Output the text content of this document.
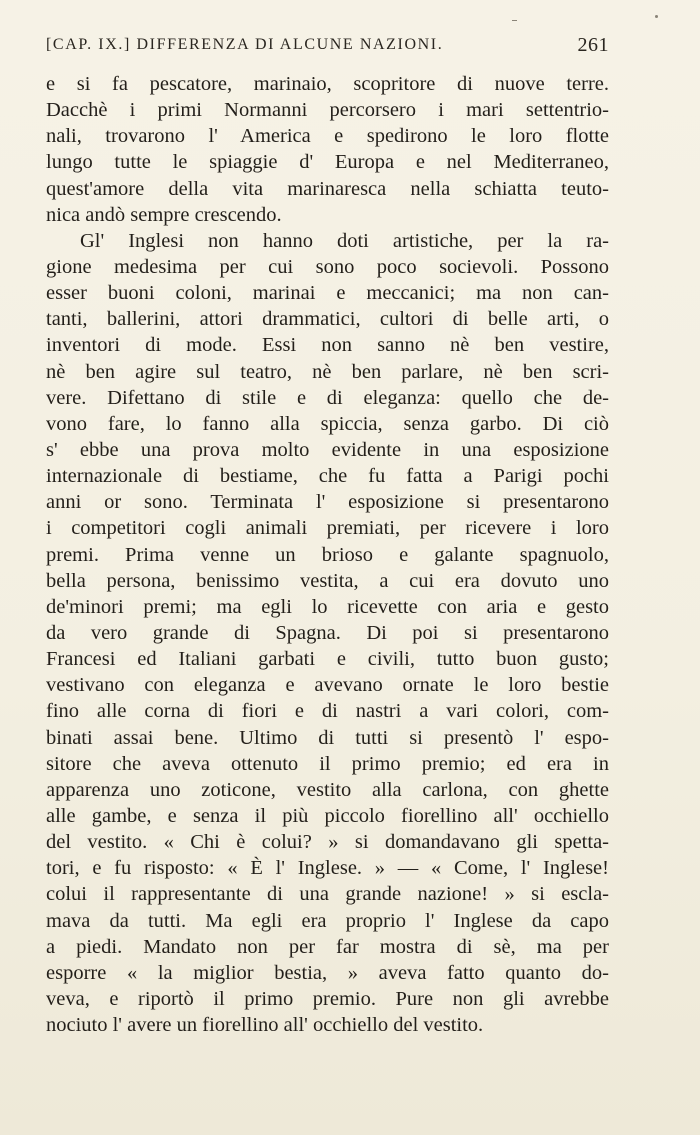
[CAP. IX.] DIFFERENZA DI ALCUNE NAZIONI.	261
e si fa pescatore, marinaio, scopritore di nuove terre.
Dacchè i primi Normanni percorsero i mari settentrio-
nali, trovarono l' America e spedirono le loro flotte
lungo tutte le spiaggie d' Europa e nel Mediterraneo,
quest'amore della vita marinaresca nella schiatta teuto-
nica andò sempre crescendo.
Gl' Inglesi non hanno doti artistiche, per la ra-
gione medesima per cui sono poco socievoli. Possono
esser buoni coloni, marinai e meccanici; ma non can-
tanti, ballerini, attori drammatici, cultori di belle arti, o
inventori di mode. Essi non sanno nè ben vestire,
nè ben agire sul teatro, nè ben parlare, nè ben scri-
vere. Difettano di stile e di eleganza: quello che de-
vono fare, lo fanno alla spiccia, senza garbo. Di ciò
s' ebbe una prova molto evidente in una esposizione
internazionale di bestiame, che fu fatta a Parigi pochi
anni or sono. Terminata l' esposizione si presentarono
i competitori cogli animali premiati, per ricevere i loro
premi. Prima venne un brioso e galante spagnuolo,
bella persona, benissimo vestita, a cui era dovuto uno
de'minori premi; ma egli lo ricevette con aria e gesto
da vero grande di Spagna. Di poi si presentarono
Francesi ed Italiani garbati e civili, tutto buon gusto;
vestivano con eleganza e avevano ornate le loro bestie
fino alle corna di fiori e di nastri a vari colori, com-
binati assai bene. Ultimo di tutti si presentò l' espo-
sitore che aveva ottenuto il primo premio; ed era in
apparenza uno zoticone, vestito alla carlona, con ghette
alle gambe, e senza il più piccolo fiorellino all' occhiello
del vestito. « Chi è colui? » si domandavano gli spetta-
tori, e fu risposto: « È l' Inglese. » — « Come, l' Inglese!
colui il rappresentante di una grande nazione! » si escla-
mava da tutti. Ma egli era proprio l' Inglese da capo
a piedi. Mandato non per far mostra di sè, ma per
esporre « la miglior bestia, » aveva fatto quanto do-
veva, e riportò il primo premio. Pure non gli avrebbe
nociuto l' avere un fiorellino all' occhiello del vestito.
